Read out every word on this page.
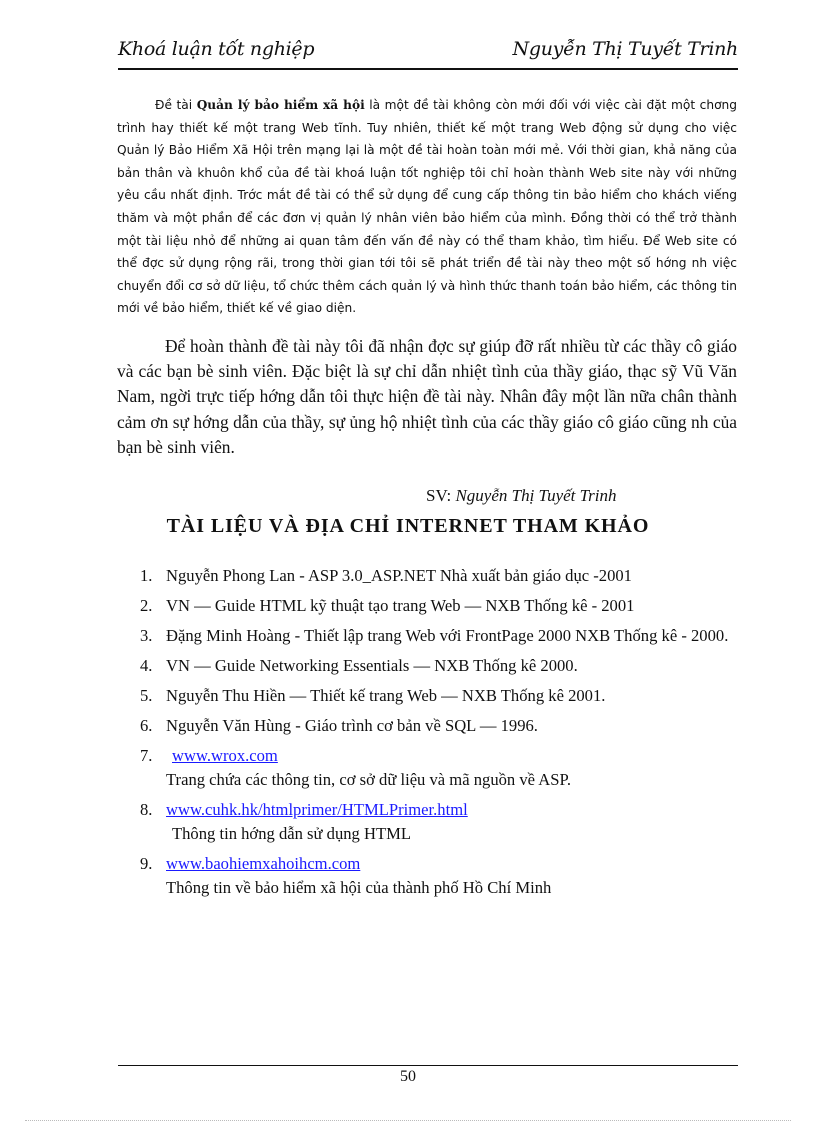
Khoá luận tốt nghiệp	Nguyễn Thị Tuyết Trinh

Đề tài Quản lý bảo hiểm xã hội là một đề tài không còn mới đối với việc cài đặt một chơng trình hay thiết kế một trang Web tĩnh. Tuy nhiên, thiết kế một trang Web động sử dụng cho việc Quản lý Bảo Hiểm Xã Hội trên mạng lại là một đề tài hoàn toàn mới mẻ. Với thời gian, khả năng của bản thân và khuôn khổ của đề tài khoá luận tốt nghiệp tôi chỉ hoàn thành Web site này với những yêu cầu nhất định. Trớc mắt đề tài có thể sử dụng để cung cấp thông tin bảo hiểm cho khách viếng thăm và một phần để các đơn vị quản lý nhân viên bảo hiểm của mình. Đồng thời có thể trở thành một tài liệu nhỏ để những ai quan tâm đến vấn đề này có thể tham khảo, tìm hiểu. Để Web site có thể đợc sử dụng rộng rãi, trong thời gian tới tôi sẽ phát triển đề tài này theo một số hớng nh việc chuyển đổi cơ sở dữ liệu, tổ chức thêm cách quản lý và hình thức thanh toán bảo hiểm, các thông tin mới về bảo hiểm, thiết kế về giao diện.

Để hoàn thành đề tài này tôi đã nhận đợc sự giúp đỡ rất nhiều từ các thầy cô giáo và các bạn bè sinh viên. Đặc biệt là sự chỉ dẫn nhiệt tình của thầy giáo, thạc sỹ Vũ Văn Nam, ngời trực tiếp hớng dẫn tôi thực hiện đề tài này. Nhân đây một lần nữa chân thành cảm ơn sự hớng dẫn của thầy, sự ủng hộ nhiệt tình của các thầy giáo cô giáo cũng nh của bạn bè sinh viên.

SV: Nguyễn Thị Tuyết Trinh
TÀI LIỆU VÀ ĐỊA CHỈ INTERNET THAM KHẢO
1. Nguyễn Phong Lan - ASP 3.0_ASP.NET Nhà xuất bản giáo dục -2001
2. VN — Guide HTML kỹ thuật tạo trang Web — NXB Thống kê - 2001
3. Đặng Minh Hoàng - Thiết lập trang Web với FrontPage 2000 NXB Thống kê - 2000.
4. VN — Guide Networking Essentials — NXB Thống kê 2000.
5. Nguyễn Thu Hiền — Thiết kế trang Web — NXB Thống kê 2001.
6. Nguyễn Văn Hùng - Giáo trình cơ bản về SQL — 1996.
7. www.wrox.com
Trang chứa các thông tin, cơ sở dữ liệu và mã nguồn về ASP.
8. www.cuhk.hk/htmlprimer/HTMLPrimer.html
Thông tin hớng dẫn sử dụng HTML
9. www.baohiemxahoihcm.com
Thông tin về bảo hiểm xã hội của thành phố Hồ Chí Minh
50
